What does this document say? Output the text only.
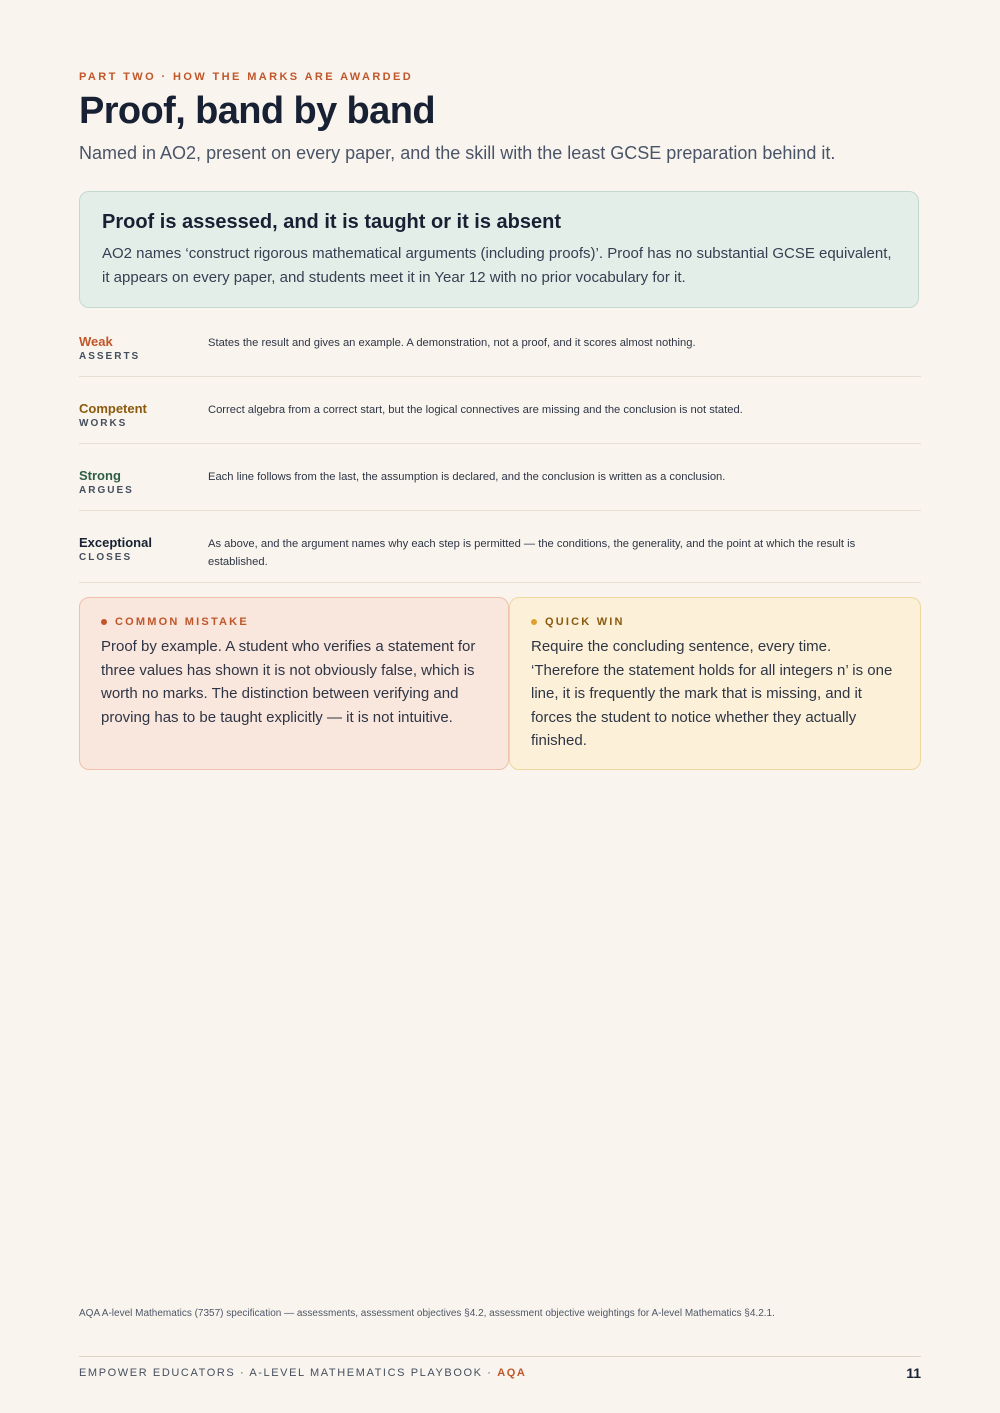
PART TWO · HOW THE MARKS ARE AWARDED
Proof, band by band
Named in AO2, present on every paper, and the skill with the least GCSE preparation behind it.
Proof is assessed, and it is taught or it is absent
AO2 names ‘construct rigorous mathematical arguments (including proofs)’. Proof has no substantial GCSE equivalent, it appears on every paper, and students meet it in Year 12 with no prior vocabulary for it.
Weak
ASSERTS
States the result and gives an example. A demonstration, not a proof, and it scores almost nothing.
Competent
WORKS
Correct algebra from a correct start, but the logical connectives are missing and the conclusion is not stated.
Strong
ARGUES
Each line follows from the last, the assumption is declared, and the conclusion is written as a conclusion.
Exceptional
CLOSES
As above, and the argument names why each step is permitted — the conditions, the generality, and the point at which the result is established.
COMMON MISTAKE
Proof by example. A student who verifies a statement for three values has shown it is not obviously false, which is worth no marks. The distinction between verifying and proving has to be taught explicitly — it is not intuitive.
QUICK WIN
Require the concluding sentence, every time. ‘Therefore the statement holds for all integers n’ is one line, it is frequently the mark that is missing, and it forces the student to notice whether they actually finished.
AQA A-level Mathematics (7357) specification — assessments, assessment objectives §4.2, assessment objective weightings for A-level Mathematics §4.2.1.
EMPOWER EDUCATORS · A-LEVEL MATHEMATICS PLAYBOOK · AQA	11
